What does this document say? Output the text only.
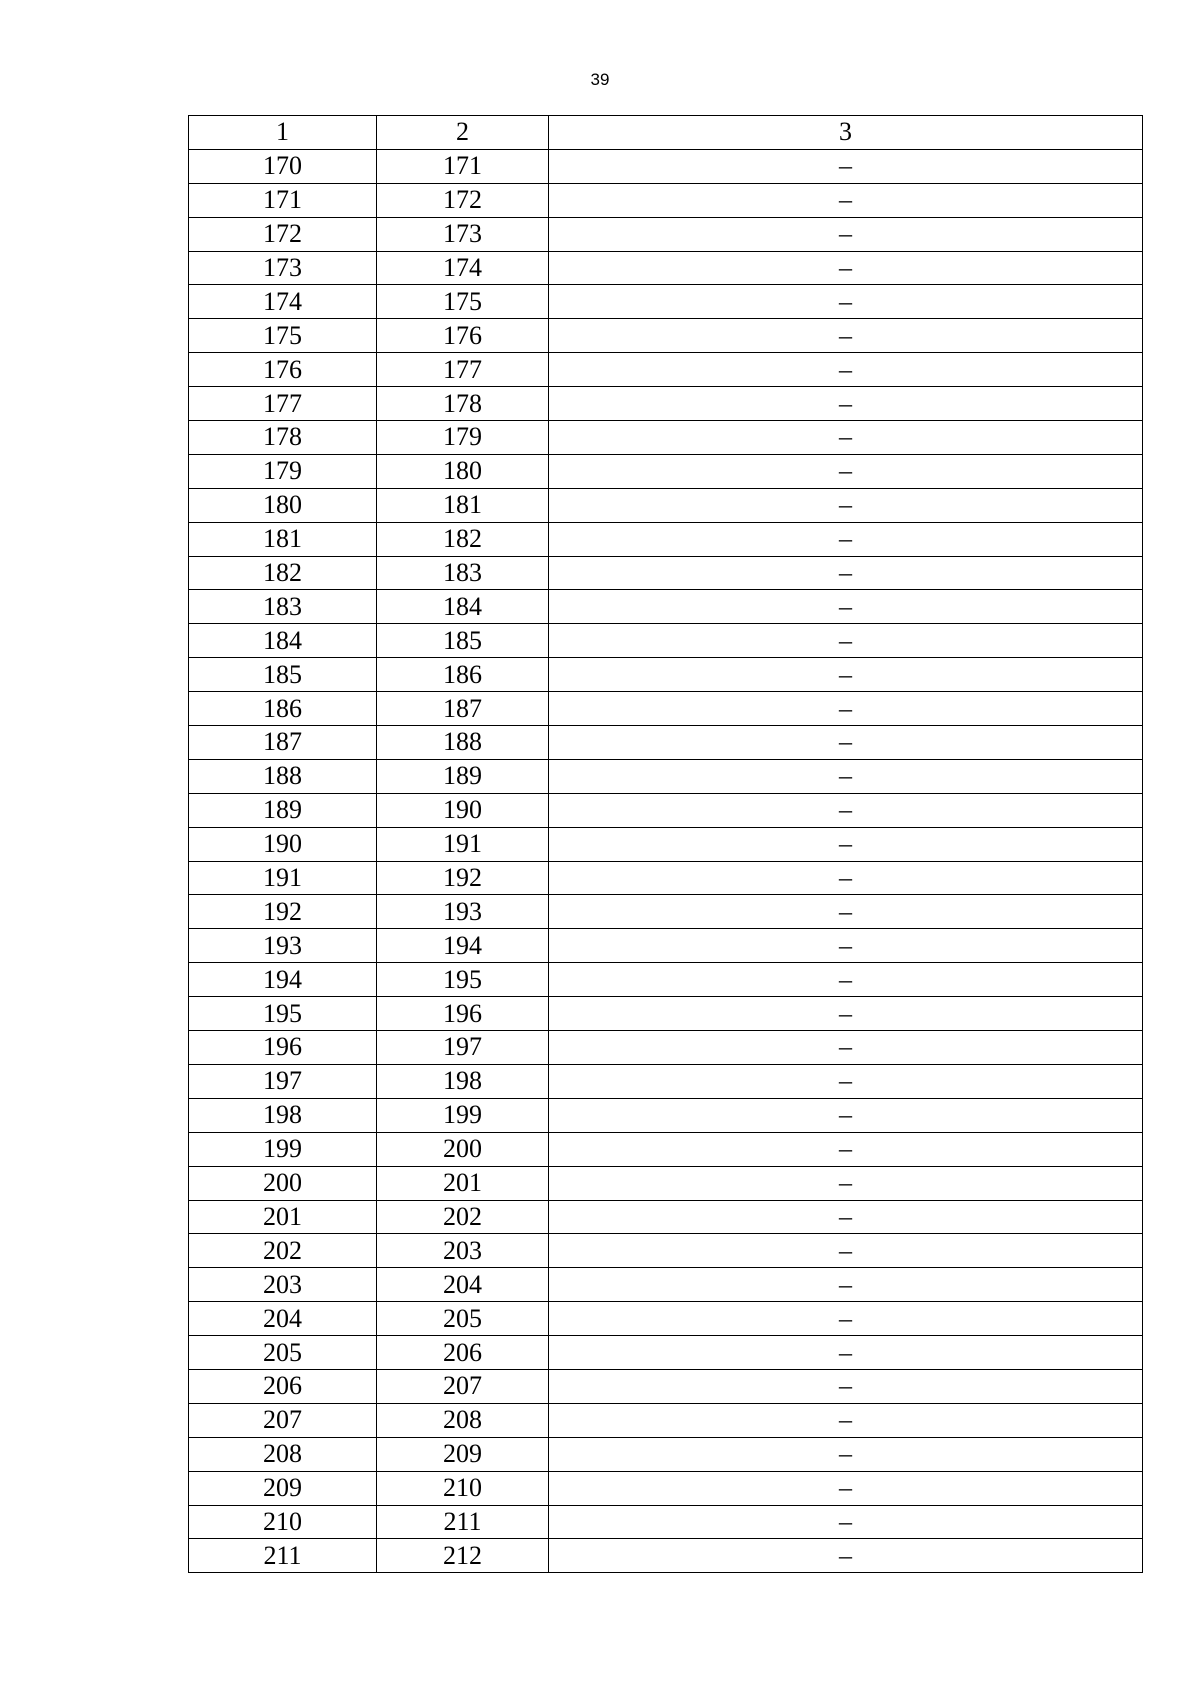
39
1	2	3
170	171	–
171	172	–
172	173	–
173	174	–
174	175	–
175	176	–
176	177	–
177	178	–
178	179	–
179	180	–
180	181	–
181	182	–
182	183	–
183	184	–
184	185	–
185	186	–
186	187	–
187	188	–
188	189	–
189	190	–
190	191	–
191	192	–
192	193	–
193	194	–
194	195	–
195	196	–
196	197	–
197	198	–
198	199	–
199	200	–
200	201	–
201	202	–
202	203	–
203	204	–
204	205	–
205	206	–
206	207	–
207	208	–
208	209	–
209	210	–
210	211	–
211	212	–
